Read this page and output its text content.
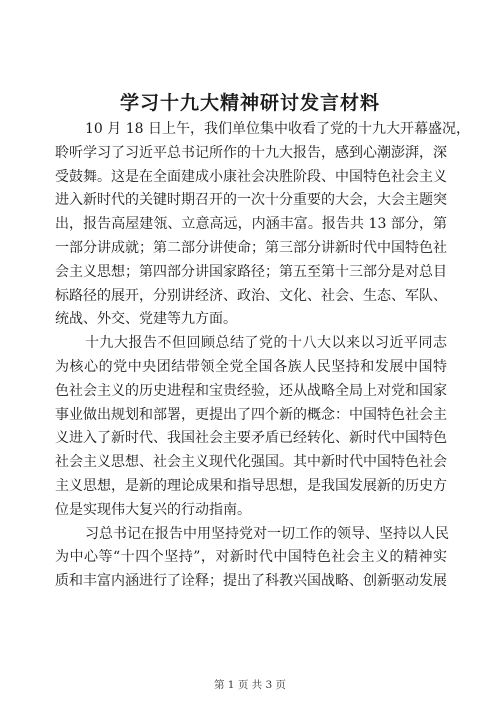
学习十九大精神研讨发言材料

10 月 18 日上午，我们单位集中收看了党的十九大开幕盛况，
聆听学习了习近平总书记所作的十九大报告，感到心潮澎湃，深
受鼓舞。这是在全面建成小康社会决胜阶段、中国特色社会主义
进入新时代的关键时期召开的一次十分重要的大会，大会主题突
出，报告高屋建瓴、立意高远，内涵丰富。报告共 13 部分，第
一部分讲成就；第二部分讲使命；第三部分讲新时代中国特色社
会主义思想；第四部分讲国家路径；第五至第十三部分是对总目
标路径的展开，分别讲经济、政治、文化、社会、生态、军队、
统战、外交、党建等九方面。

十九大报告不但回顾总结了党的十八大以来以习近平同志
为核心的党中央团结带领全党全国各族人民坚持和发展中国特
色社会主义的历史进程和宝贵经验，还从战略全局上对党和国家
事业做出规划和部署，更提出了四个新的概念：中国特色社会主
义进入了新时代、我国社会主要矛盾已经转化、新时代中国特色
社会主义思想、社会主义现代化强国。其中新时代中国特色社会
主义思想，是新的理论成果和指导思想，是我国发展新的历史方
位是实现伟大复兴的行动指南。

习总书记在报告中用坚持党对一切工作的领导、坚持以人民
为中心等“十四个坚持”，对新时代中国特色社会主义的精神实
质和丰富内涵进行了诠释；提出了科教兴国战略、创新驱动发展

第 1 页 共 3 页
